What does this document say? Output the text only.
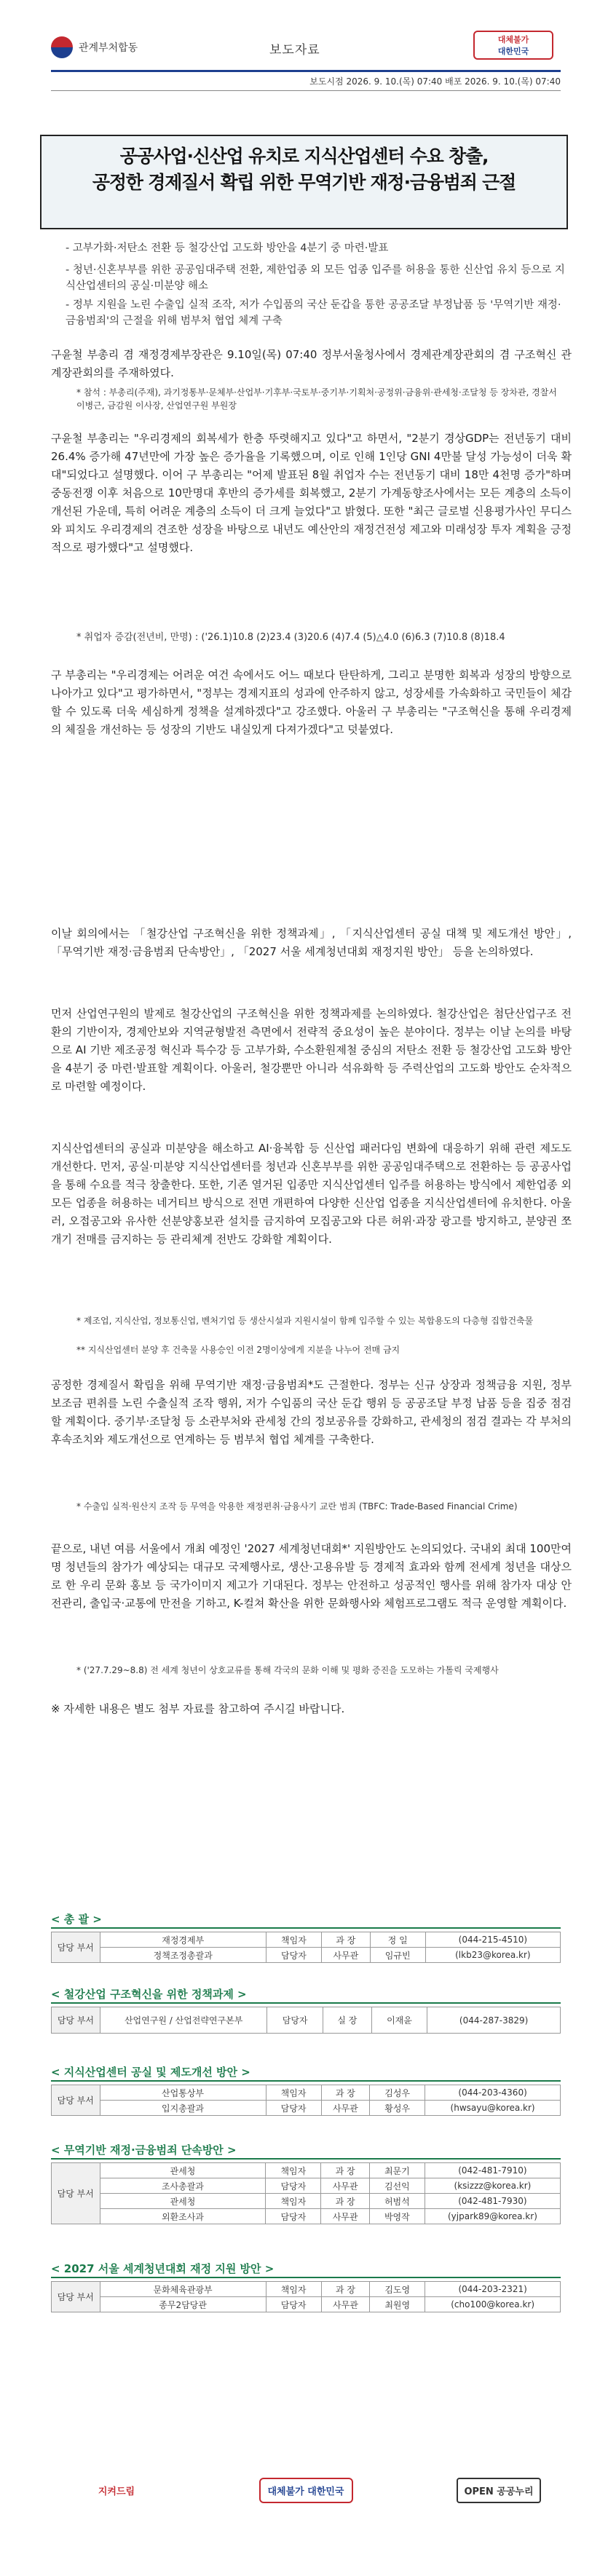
관계부처합동	보도자료
대체불가
대한민국
보도시점 2026. 9. 10.(목) 07:40 배포 2026. 9. 10.(목) 07:40
공공사업·신산업 유치로 지식산업센터 수요 창출,
공정한 경제질서 확립 위한 무역기반 재정·금융범죄 근절
- 고부가화·저탄소 전환 등 철강산업 고도화 방안을 4분기 중 마련·발표
- 청년·신혼부부를 위한 공공임대주택 전환, 제한업종 외 모든 업종 입주를 허용을 통한 신산업 유치 등으로 지식산업센터의 공실·미분양 해소
- 정부 지원을 노린 수출입 실적 조작, 저가 수입품의 국산 둔갑을 통한 공공조달 부정납품 등 '무역기반 재정·금융범죄'의 근절을 위해 범부처 협업 체계 구축
구윤철 부총리 겸 재정경제부장관은 9.10일(목) 07:40 정부서울청사에서 경제관계장관회의 겸 구조혁신 관계장관회의를 주재하였다.
* 참석 : 부총리(주재), 과기정통부·문체부·산업부·기후부·국토부·중기부·기획처·공정위·금융위·관세청·조달청 등 장차관, 경찰서 이병근, 금감원 이사장, 산업연구원 부원장
구윤철 부총리는 "우리경제의 회복세가 한층 뚜렷해지고 있다"고 하면서, "2분기 경상GDP는 전년동기 대비 26.4% 증가해 47년만에 가장 높은 증가율을 기록했으며, 이로 인해 1인당 GNI 4만불 달성 가능성이 더욱 확대"되었다고 설명했다. 이어 구 부총리는 "어제 발표된 8월 취업자 수는 전년동기 대비 18만 4천명 증가"하며 중동전쟁 이후 처음으로 10만명대 후반의 증가세를 회복했고, 2분기 가계동향조사에서는 모든 계층의 소득이 개선된 가운데, 특히 어려운 계층의 소득이 더 크게 늘었다"고 밝혔다. 또한 "최근 글로벌 신용평가사인 무디스와 피치도 우리경제의 견조한 성장을 바탕으로 내년도 예산안의 재정건전성 제고와 미래성장 투자 계획을 긍정적으로 평가했다"고 설명했다.
* 취업자 증감(전년비, 만명) : ('26.1)10.8 (2)23.4 (3)20.6 (4)7.4 (5)△4.0 (6)6.3 (7)10.8 (8)18.4
구 부총리는 "우리경제는 어려운 여건 속에서도 어느 때보다 탄탄하게, 그리고 분명한 회복과 성장의 방향으로 나아가고 있다"고 평가하면서, "정부는 경제지표의 성과에 안주하지 않고, 성장세를 가속화하고 국민들이 체감할 수 있도록 더욱 세심하게 정책을 설계하겠다"고 강조했다. 아울러 구 부총리는 "구조혁신을 통해 우리경제의 체질을 개선하는 등 성장의 기반도 내실있게 다져가겠다"고 덧붙였다.
이날 회의에서는 「철강산업 구조혁신을 위한 정책과제」, 「지식산업센터 공실 대책 및 제도개선 방안」, 「무역기반 재정·금융범죄 단속방안」, 「2027 서울 세계청년대회 재정지원 방안」 등을 논의하였다.
먼저 산업연구원의 발제로 철강산업의 구조혁신을 위한 정책과제를 논의하였다. 철강산업은 첨단산업구조 전환의 기반이자, 경제안보와 지역균형발전 측면에서 전략적 중요성이 높은 분야이다. 정부는 이날 논의를 바탕으로 AI 기반 제조공정 혁신과 특수강 등 고부가화, 수소환원제철 중심의 저탄소 전환 등 철강산업 고도화 방안을 4분기 중 마련·발표할 계획이다. 아울러, 철강뿐만 아니라 석유화학 등 주력산업의 고도화 방안도 순차적으로 마련할 예정이다.
지식산업센터의 공실과 미분양을 해소하고 AI·융복합 등 신산업 패러다임 변화에 대응하기 위해 관련 제도도 개선한다. 먼저, 공실·미분양 지식산업센터를 청년과 신혼부부를 위한 공공임대주택으로 전환하는 등 공공사업을 통해 수요를 적극 창출한다. 또한, 기존 열거된 입종만 지식산업센터 입주를 허용하는 방식에서 제한업종 외 모든 업종을 허용하는 네거티브 방식으로 전면 개편하여 다양한 신산업 업종을 지식산업센터에 유치한다. 아울러, 오접공고와 유사한 선분양홍보관 설치를 금지하여 모집공고와 다른 허위·과장 광고를 방지하고, 분양권 쪼개기 전매를 금지하는 등 관리체계 전반도 강화할 계획이다.
* 제조업, 지식산업, 정보통신업, 벤처기업 등 생산시설과 지원시설이 함께 입주할 수 있는 복합용도의 다층형 집합건축물
** 지식산업센터 분양 후 건축물 사용승인 이전 2명이상에게 지분을 나누어 전매 금지
공정한 경제질서 확립을 위해 무역기반 재정·금융범죄*도 근절한다. 정부는 신규 상장과 정책금융 지원, 정부 보조금 편취를 노린 수출실적 조작 행위, 저가 수입품의 국산 둔갑 행위 등 공공조달 부정 납품 등을 집중 점검할 계획이다. 중기부·조달청 등 소관부처와 관세청 간의 정보공유를 강화하고, 관세청의 점검 결과는 각 부처의 후속조치와 제도개선으로 연계하는 등 범부처 협업 체계를 구축한다.
* 수출입 실적·원산지 조작 등 무역을 악용한 재정편취·금융사기 교란 범죄 (TBFC: Trade-Based Financial Crime)
끝으로, 내년 여름 서울에서 개최 예정인 '2027 세계청년대회*' 지원방안도 논의되었다. 국내외 최대 100만여명 청년들의 참가가 예상되는 대규모 국제행사로, 생산·고용유발 등 경제적 효과와 함께 전세계 청년을 대상으로 한 우리 문화 홍보 등 국가이미지 제고가 기대된다. 정부는 안전하고 성공적인 행사를 위해 참가자 대상 안전관리, 출입국·교통에 만전을 기하고, K-컬쳐 확산을 위한 문화행사와 체험프로그램도 적극 운영할 계획이다.
* ('27.7.29~8.8) 전 세계 청년이 상호교류를 통해 각국의 문화 이해 및 평화 증진을 도모하는 가톨릭 국제행사
※ 자세한 내용은 별도 첨부 자료를 참고하여 주시길 바랍니다.
< 총 괄 >
담당 부서	재정경제부	책임자	과 장	정 일	(044-215-4510)
	정책조정총괄과	담당자	사무관	임규빈	(lkb23@korea.kr)
< 철강산업 구조혁신을 위한 정책과제 >
담당 부서	산업연구원 / 산업전략연구본부	담당자	실 장	이재윤	(044-287-3829)
< 지식산업센터 공실 및 제도개선 방안 >
담당 부서	산업통상부	책임자	과 장	김성우	(044-203-4360)
	입지총괄과	담당자	사무관	황성우	(hwsayu@korea.kr)
< 무역기반 재정·금융범죄 단속방안 >
담당 부서	관세청	책임자	과 장	최문기	(042-481-7910)
	조사총괄과	담당자	사무관	김선익	(ksizzz@korea.kr)
	관세청	책임자	과 장	허범석	(042-481-7930)
	외환조사과	담당자	사무관	박영작	(yjpark89@korea.kr)
< 2027 서울 세계청년대회 재정 지원 방안 >
담당 부서	문화체육관광부	책임자	과 장	김도영	(044-203-2321)
	종무2담당관	담당자	사무관	최원영	(cho100@korea.kr)
지켜드림	대체불가 대한민국	OPEN 공공누리
